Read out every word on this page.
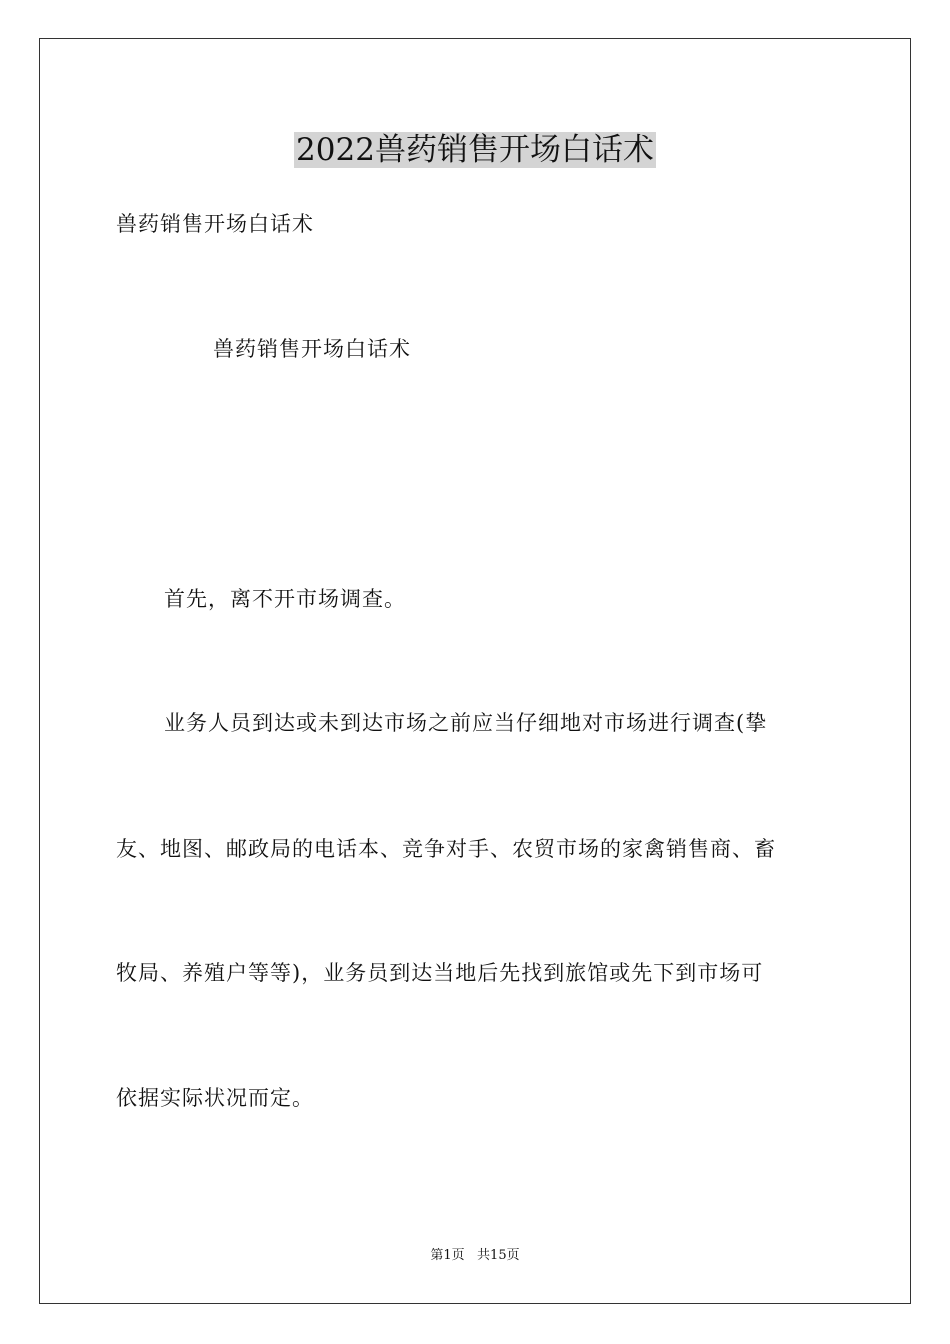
2022兽药销售开场白话术

兽药销售开场白话术

兽药销售开场白话术

首先，离不开市场调查。

业务人员到达或未到达市场之前应当仔细地对市场进行调查(挚

友、地图、邮政局的电话本、竞争对手、农贸市场的家禽销售商、畜

牧局、养殖户等等)，业务员到达当地后先找到旅馆或先下到市场可

依据实际状况而定。

第1页   共15页
